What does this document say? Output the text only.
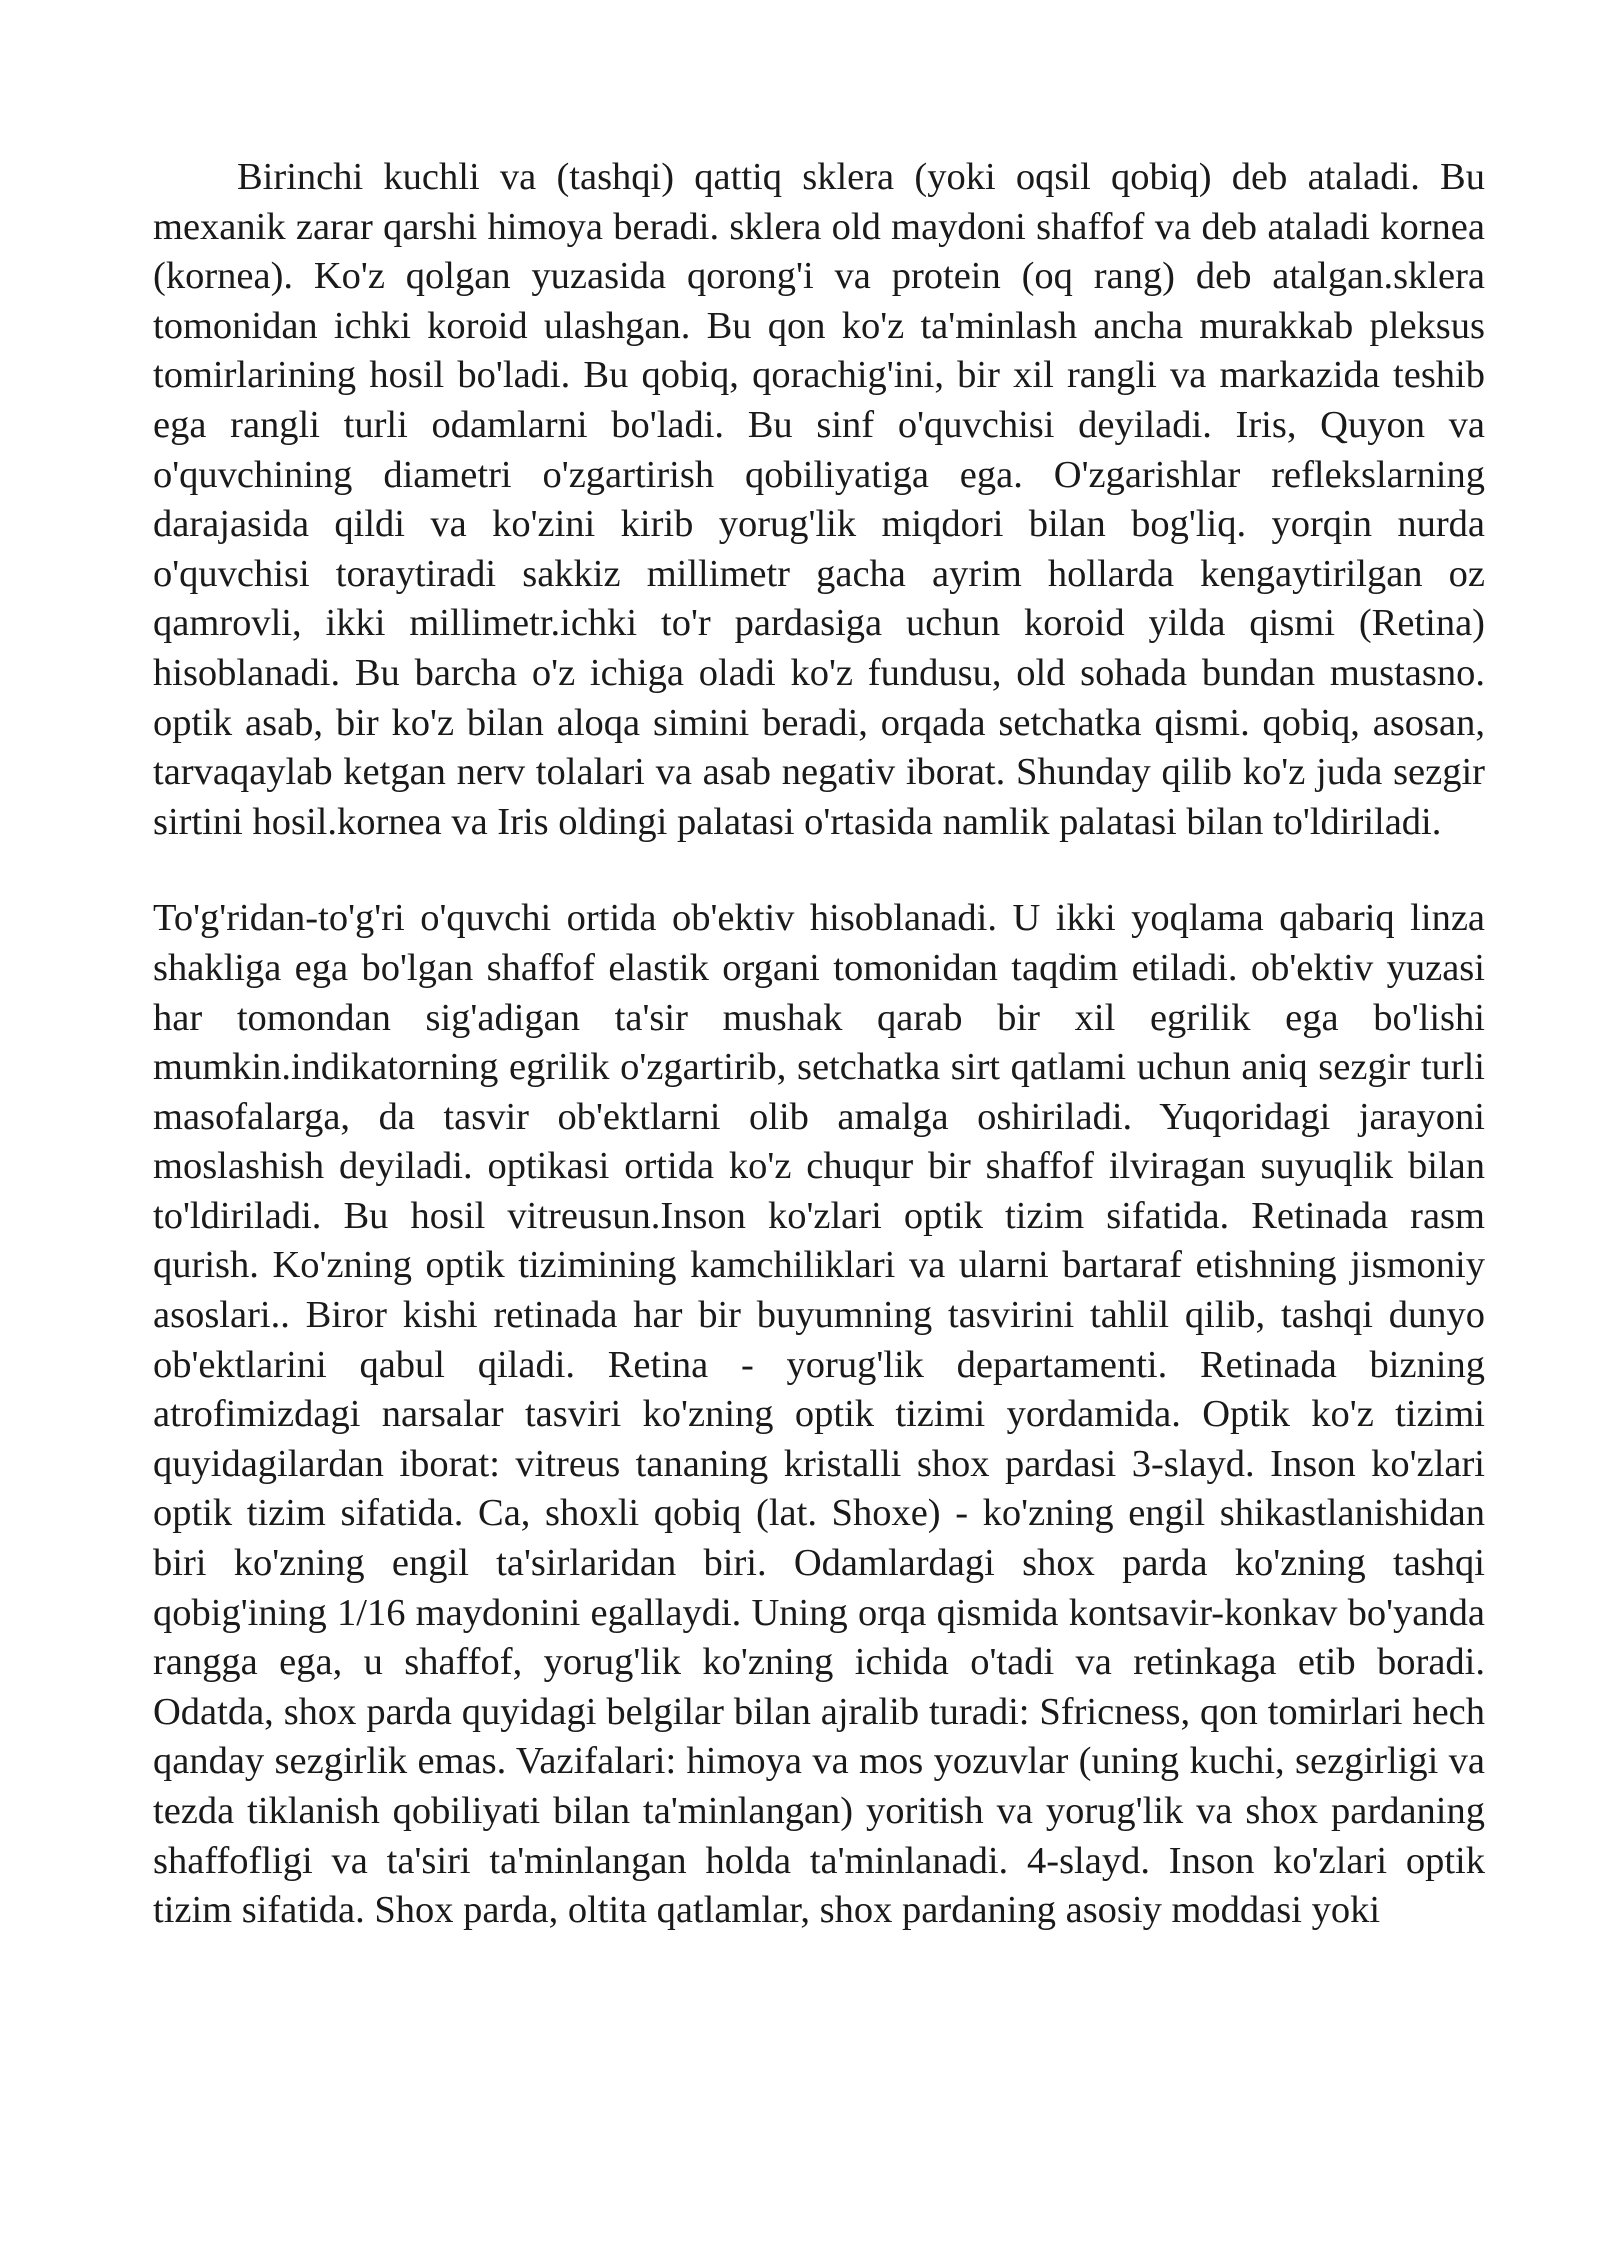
Birinchi kuchli va (tashqi) qattiq sklera (yoki oqsil qobiq) deb ataladi. Bu mexanik zarar qarshi himoya beradi. sklera old maydoni shaffof va deb ataladi kornea (kornea). Ko'z qolgan yuzasida qorong'i va protein (oq rang) deb atalgan.sklera tomonidan ichki koroid ulashgan. Bu qon ko'z ta'minlash ancha murakkab pleksus tomirlarining hosil bo'ladi. Bu qobiq, qorachig'ini, bir xil rangli va markazida teshib ega rangli turli odamlarni bo'ladi. Bu sinf o'quvchisi deyiladi. Iris, Quyon va o'quvchining diametri o'zgartirish qobiliyatiga ega. O'zgarishlar reflekslarning darajasida qildi va ko'zini kirib yorug'lik miqdori bilan bog'liq. yorqin nurda o'quvchisi toraytiradi sakkiz millimetr gacha ayrim hollarda kengaytirilgan oz qamrovli, ikki millimetr.ichki to'r pardasiga uchun koroid yilda qismi (Retina) hisoblanadi. Bu barcha o'z ichiga oladi ko'z fundusu, old sohada bundan mustasno. optik asab, bir ko'z bilan aloqa simini beradi, orqada setchatka qismi. qobiq, asosan, tarvaqaylab ketgan nerv tolalari va asab negativ iborat. Shunday qilib ko'z juda sezgir sirtini hosil.kornea va Iris oldingi palatasi o'rtasida namlik palatasi bilan to'ldiriladi.

To'g'ridan-to'g'ri o'quvchi ortida ob'ektiv hisoblanadi. U ikki yoqlama qabariq linza shakliga ega bo'lgan shaffof elastik organi tomonidan taqdim etiladi. ob'ektiv yuzasi har tomondan sig'adigan ta'sir mushak qarab bir xil egrilik ega bo'lishi mumkin.indikatorning egrilik o'zgartirib, setchatka sirt qatlami uchun aniq sezgir turli masofalarga, da tasvir ob'ektlarni olib amalga oshiriladi. Yuqoridagi jarayoni moslashish deyiladi. optikasi ortida ko'z chuqur bir shaffof ilviragan suyuqlik bilan to'ldiriladi. Bu hosil vitreusun.Inson ko'zlari optik tizim sifatida. Retinada rasm qurish. Ko'zning optik tizimining kamchiliklari va ularni bartaraf etishning jismoniy asoslari.. Biror kishi retinada har bir buyumning tasvirini tahlil qilib, tashqi dunyo ob'ektlarini qabul qiladi. Retina - yorug'lik departamenti. Retinada bizning atrofimizdagi narsalar tasviri ko'zning optik tizimi yordamida. Optik ko'z tizimi quyidagilardan iborat: vitreus tananing kristalli shox pardasi 3-slayd. Inson ko'zlari optik tizim sifatida. Ca, shoxli qobiq (lat. Shoxe) - ko'zning engil shikastlanishidan biri ko'zning engil ta'sirlaridan biri. Odamlardagi shox parda ko'zning tashqi qobig'ining 1/16 maydonini egallaydi. Uning orqa qismida kontsavir-konkav bo'yanda rangga ega, u shaffof, yorug'lik ko'zning ichida o'tadi va retinkaga etib boradi. Odatda, shox parda quyidagi belgilar bilan ajralib turadi: Sfricness, qon tomirlari hech qanday sezgirlik emas. Vazifalari: himoya va mos yozuvlar (uning kuchi, sezgirligi va tezda tiklanish qobiliyati bilan ta'minlangan) yoritish va yorug'lik va shox pardaning shaffofligi va ta'siri ta'minlangan holda ta'minlanadi. 4-slayd. Inson ko'zlari optik tizim sifatida. Shox parda, oltita qatlamlar, shox pardaning asosiy moddasi yoki
